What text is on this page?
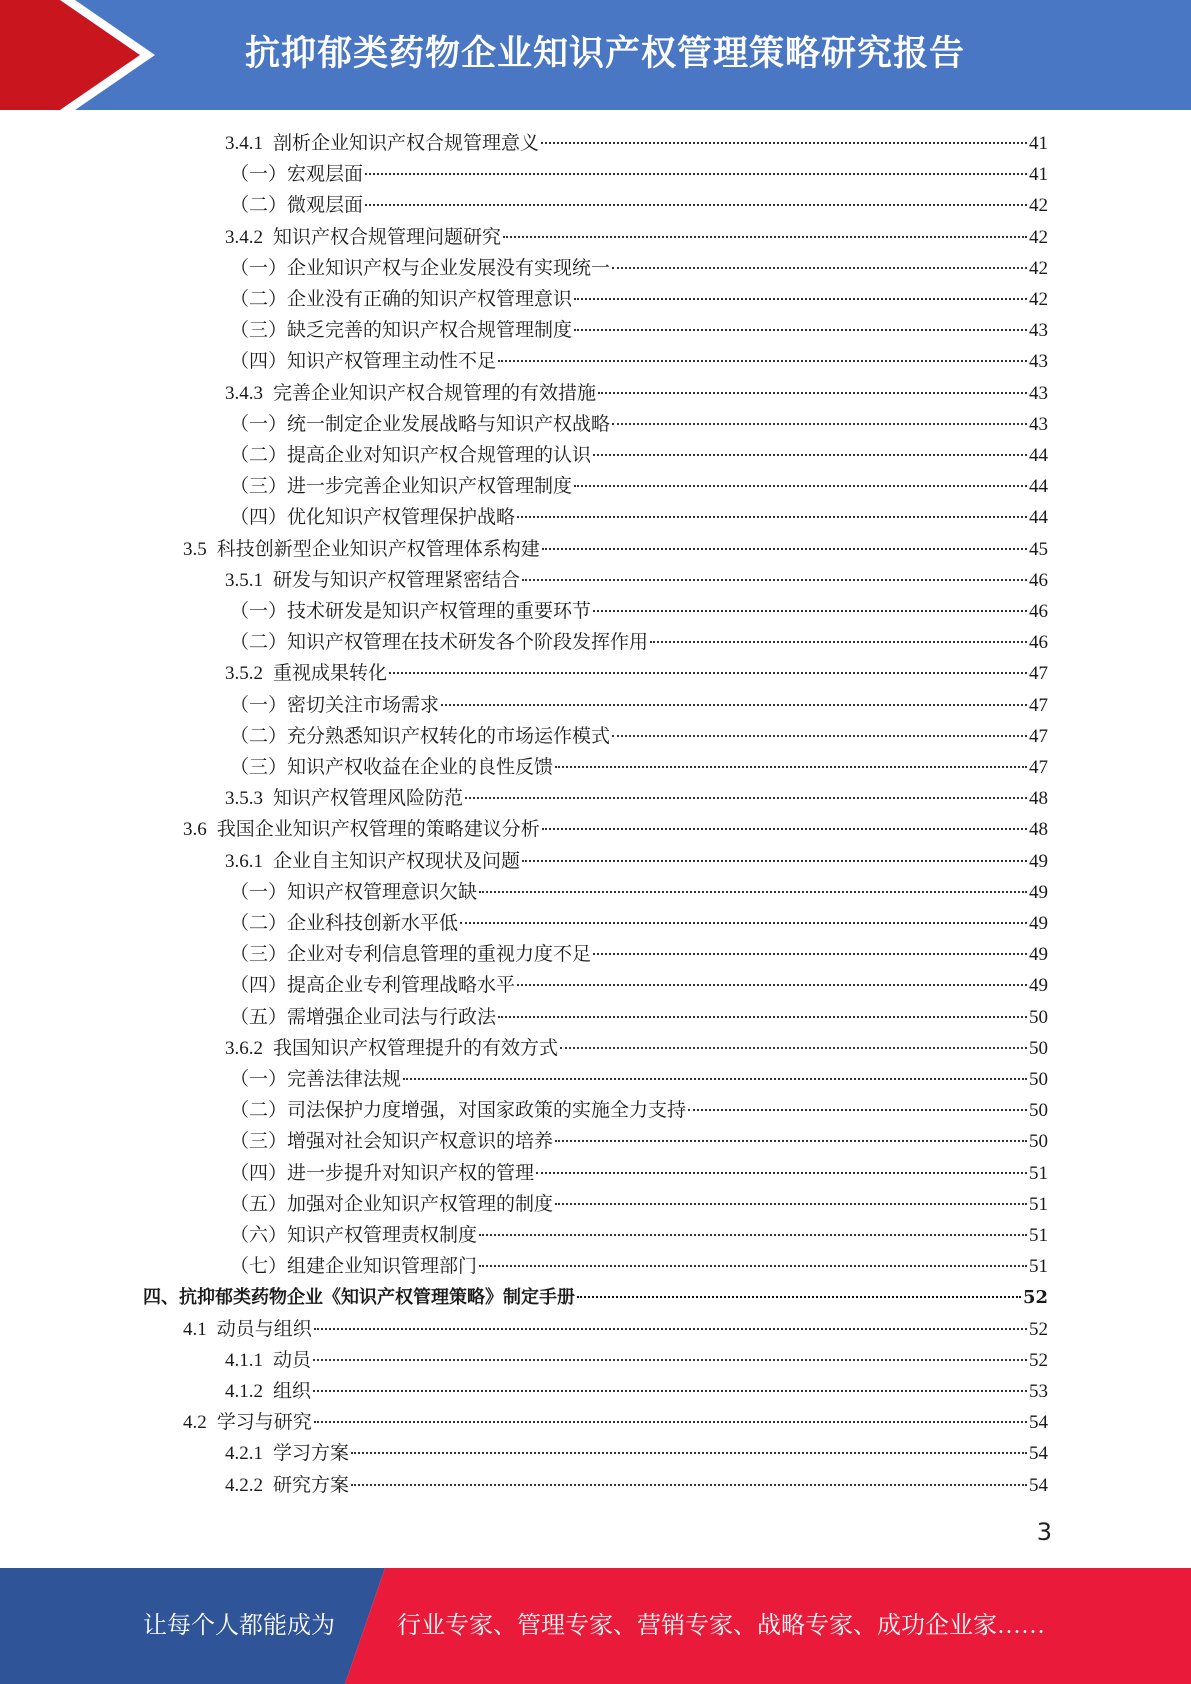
抗抑郁类药物企业知识产权管理策略研究报告
3.4.1 剖析企业知识产权合规管理意义	41
（一）宏观层面	41
（二）微观层面	42
3.4.2 知识产权合规管理问题研究	42
（一）企业知识产权与企业发展没有实现统一	42
（二）企业没有正确的知识产权管理意识	42
（三）缺乏完善的知识产权合规管理制度	43
（四）知识产权管理主动性不足	43
3.4.3 完善企业知识产权合规管理的有效措施	43
（一）统一制定企业发展战略与知识产权战略	43
（二）提高企业对知识产权合规管理的认识	44
（三）进一步完善企业知识产权管理制度	44
（四）优化知识产权管理保护战略	44
3.5 科技创新型企业知识产权管理体系构建	45
3.5.1 研发与知识产权管理紧密结合	46
（一）技术研发是知识产权管理的重要环节	46
（二）知识产权管理在技术研发各个阶段发挥作用	46
3.5.2 重视成果转化	47
（一）密切关注市场需求	47
（二）充分熟悉知识产权转化的市场运作模式	47
（三）知识产权收益在企业的良性反馈	47
3.5.3 知识产权管理风险防范	48
3.6 我国企业知识产权管理的策略建议分析	48
3.6.1 企业自主知识产权现状及问题	49
（一）知识产权管理意识欠缺	49
（二）企业科技创新水平低	49
（三）企业对专利信息管理的重视力度不足	49
（四）提高企业专利管理战略水平	49
（五）需增强企业司法与行政法	50
3.6.2 我国知识产权管理提升的有效方式	50
（一）完善法律法规	50
（二）司法保护力度增强，对国家政策的实施全力支持	50
（三）增强对社会知识产权意识的培养	50
（四）进一步提升对知识产权的管理	51
（五）加强对企业知识产权管理的制度	51
（六）知识产权管理责权制度	51
（七）组建企业知识管理部门	51
四、抗抑郁类药物企业《知识产权管理策略》制定手册	52
4.1 动员与组织	52
4.1.1 动员	52
4.1.2 组织	53
4.2 学习与研究	54
4.2.1 学习方案	54
4.2.2 研究方案	54
3
让每个人都能成为	行业专家、管理专家、营销专家、战略专家、成功企业家……
